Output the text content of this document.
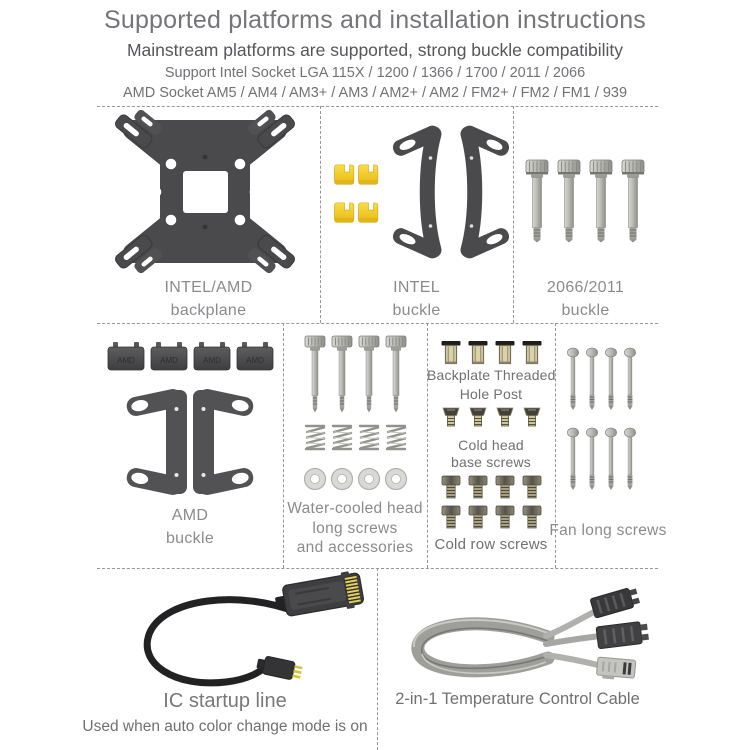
AMD	Supported platforms and installation instructions
Mainstream platforms are supported, strong buckle compatibility
Support Intel Socket LGA 115X / 1200 / 1366 / 1700 / 2011 / 2066
AMD Socket AM5 / AM4 / AM3+ / AM3 / AM2+ / AM2 / FM2+ / FM2 / FM1 / 939
INTEL/AMD
backplane
INTEL
buckle
2066/2011
buckle
AMD
buckle
Water-cooled head
long screws
and accessories
Backplate Threaded
Hole Post
Cold head
base screws
Cold row screws
Fan long screws
IC startup line
Used when auto color change mode is on
2-in-1 Temperature Control Cable
